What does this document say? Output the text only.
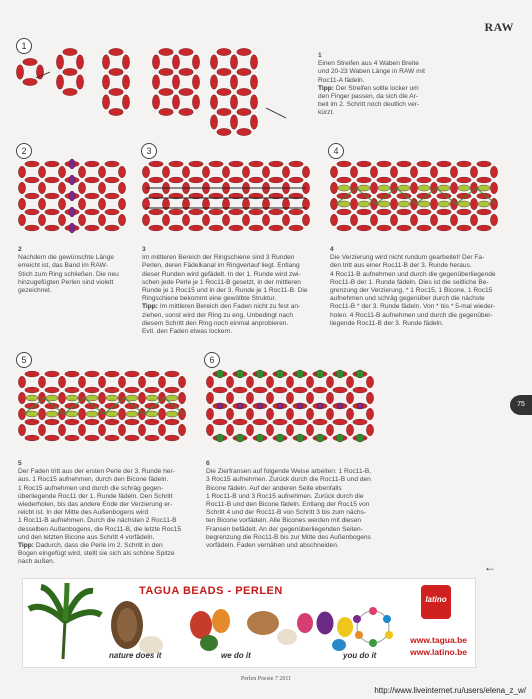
RAW
1
1
Einen Streifen aus 4 Waben Breite
und 20-23 Waben Länge in RAW mit
Roc11-A fädeln.
Tipp: Der Streifen sollte locker um
den Finger passen, da sich die Ar-
beit im 2. Schritt noch deutlich ver-
kürzt.
2
2
Nachdem die gewünschte Länge
erreicht ist, das Band im RAW-
Stich zum Ring schließen. Die neu
hinzugefügten Perlen sind violett
gezeichnet.
3
3
Im mittleren Bereich der Ringschiene sind 3 Runden
Perlen, deren Fädelkanal im Ringverlauf liegt. Entlang
dieser Runden wird gefädelt. In der 1. Runde wird zwi-
schen jede Perle je 1 Roc11-B gesetzt, in der mittleren
Runde je 1 Roc15 und in der 3. Runde je 1 Roc11-B. Die
Ringschiene bekommt eine gewölbte Struktur.
Tipp: Im mittleren Bereich den Faden nicht zu fest an-
ziehen, sonst wird der Ring zu eng. Unbedingt nach
diesem Schritt den Ring noch einmal anprobieren.
Evtl. den Faden etwas lockern.
4
4
Die Verzierung wird nicht rundum gearbeitet! Der Fa-
den tritt aus einer Roc11-B der 3. Runde heraus.
4 Roc11-B aufnehmen und durch die gegenüberliegende
Roc11-B der 1. Runde fädeln. Dies ist die seitliche Be-
grenzung der Verzierung. * 1 Roc15, 1 Bicone, 1 Roc15
aufnehmen und schräg gegenüber durch die nächste
Roc11-B * der 3. Runde fädeln. Von * bis * 5-mal wieder-
holen. 4 Roc11-B aufnehmen und durch die gegenüber-
liegende Roc11-B der 3. Runde fädeln.
5
5
Der Faden tritt aus der ersten Perle der 3. Runde her-
aus. 1 Roc15 aufnehmen, durch den Bicone fädeln.
1 Roc15 aufnehmen und durch die schräg gegen-
überliegende Roc11 der 1. Runde fädeln. Den Schritt
wiederholen, bis das andere Ende der Verzierung er-
reicht ist. In der Mitte des Außenbogens wird
1 Roc11-B aufnehmen. Durch die nächsten 2 Roc11-B
desselben Außenbogens, die Roc11-B, die letzte Roc15
und den letzten Bicone aus Schritt 4 vorfädeln.
Tipp: Dadurch, dass die Perle im 2. Schritt in den
Bogen eingefügt wird, stellt sie sich als schöne Spitze
nach außen.
6
6
Die Zierfransen auf folgende Weise arbeiten: 1 Roc11-B,
3 Roc15 aufnehmen. Zurück durch die Roc11-B und den
Bicone fädeln. Auf der anderen Seite ebenfalls
1 Roc11-B und 3 Roc15 aufnehmen. Zurück durch die
Roc11-B und den Bicone fädeln. Entlang der Roc15 von
Schritt 4 und der Roc11-B von Schritt 3 bis zum nächs-
ten Bicone vorfädeln. Alle Bicones werden mit diesen
Fransen befädelt. An der gegenüberliegenden Seiten-
begrenzung die Roc11-B bis zur Mitte des Außenbogens
vorfädeln. Faden vernähen und abschneiden.
75
←
TAGUA BEADS - PERLEN
nature does it	we do it	you do it
latino
www.tagua.be
www.latino.be
Perlen Poesie 7 2011
http://www.liveinternet.ru/users/elena_z_w/
